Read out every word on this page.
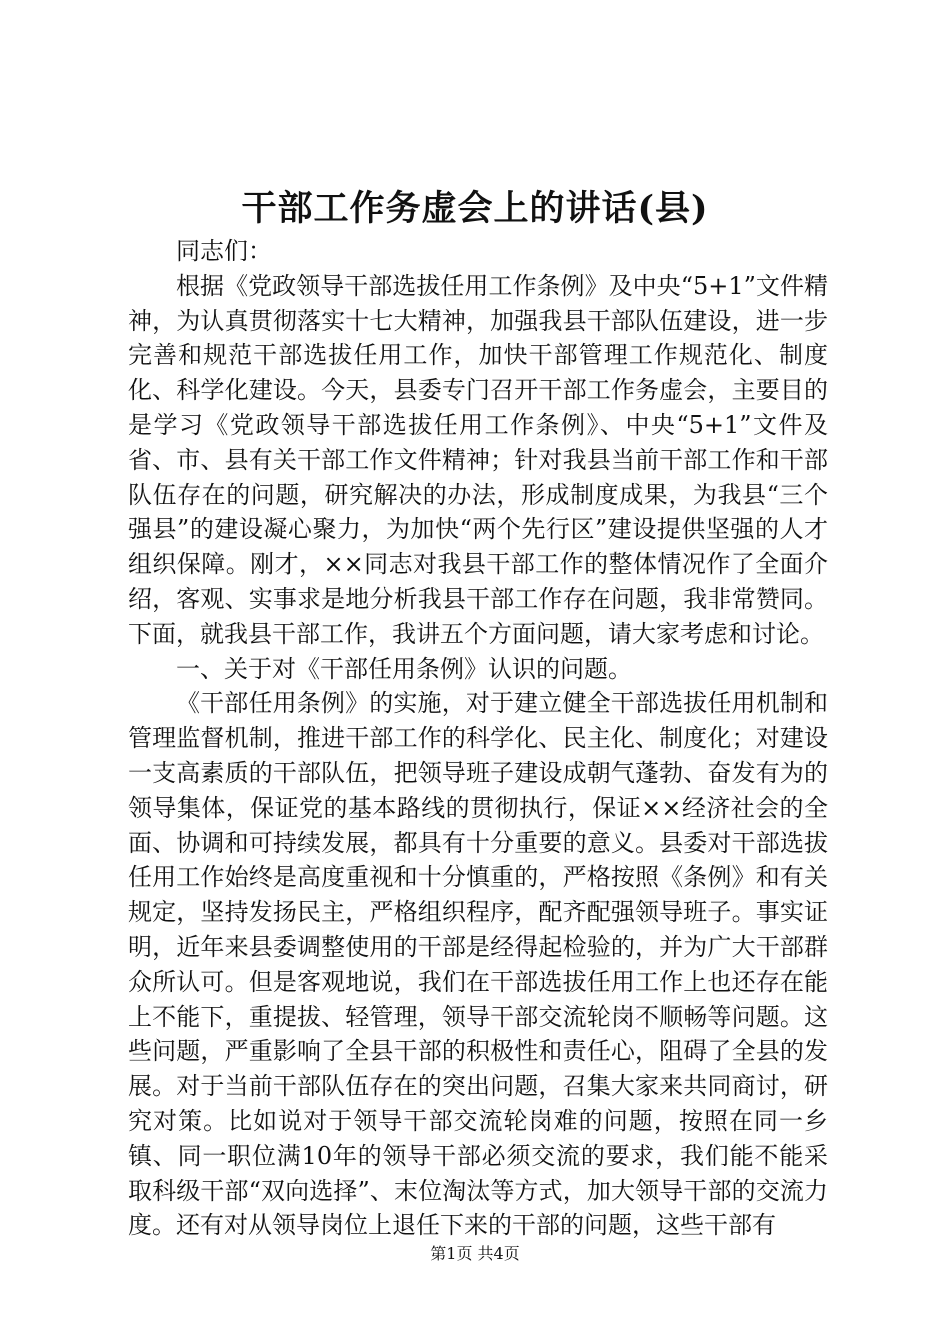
干部工作务虚会上的讲话(县)

同志们：

根据《党政领导干部选拔任用工作条例》及中央“5+1”文件精神，为认真贯彻落实十七大精神，加强我县干部队伍建设，进一步完善和规范干部选拔任用工作，加快干部管理工作规范化、制度化、科学化建设。今天，县委专门召开干部工作务虚会，主要目的是学习《党政领导干部选拔任用工作条例》、中央“5+1”文件及省、市、县有关干部工作文件精神；针对我县当前干部工作和干部队伍存在的问题，研究解决的办法，形成制度成果，为我县“三个强县”的建设凝心聚力，为加快“两个先行区”建设提供坚强的人才组织保障。刚才，××同志对我县干部工作的整体情况作了全面介绍，客观、实事求是地分析我县干部工作存在问题，我非常赞同。下面，就我县干部工作，我讲五个方面问题，请大家考虑和讨论。

一、关于对《干部任用条例》认识的问题。

《干部任用条例》的实施，对于建立健全干部选拔任用机制和管理监督机制，推进干部工作的科学化、民主化、制度化；对建设一支高素质的干部队伍，把领导班子建设成朝气蓬勃、奋发有为的领导集体，保证党的基本路线的贯彻执行，保证××经济社会的全面、协调和可持续发展，都具有十分重要的意义。县委对干部选拔任用工作始终是高度重视和十分慎重的，严格按照《条例》和有关规定，坚持发扬民主，严格组织程序，配齐配强领导班子。事实证明，近年来县委调整使用的干部是经得起检验的，并为广大干部群众所认可。但是客观地说，我们在干部选拔任用工作上也还存在能上不能下，重提拔、轻管理，领导干部交流轮岗不顺畅等问题。这些问题，严重影响了全县干部的积极性和责任心，阻碍了全县的发展。对于当前干部队伍存在的突出问题，召集大家来共同商讨，研究对策。比如说对于领导干部交流轮岗难的问题，按照在同一乡镇、同一职位满10年的领导干部必须交流的要求，我们能不能采取科级干部“双向选择”、末位淘汰等方式，加大领导干部的交流力度。还有对从领导岗位上退任下来的干部的问题，这些干部有

第1页 共4页
